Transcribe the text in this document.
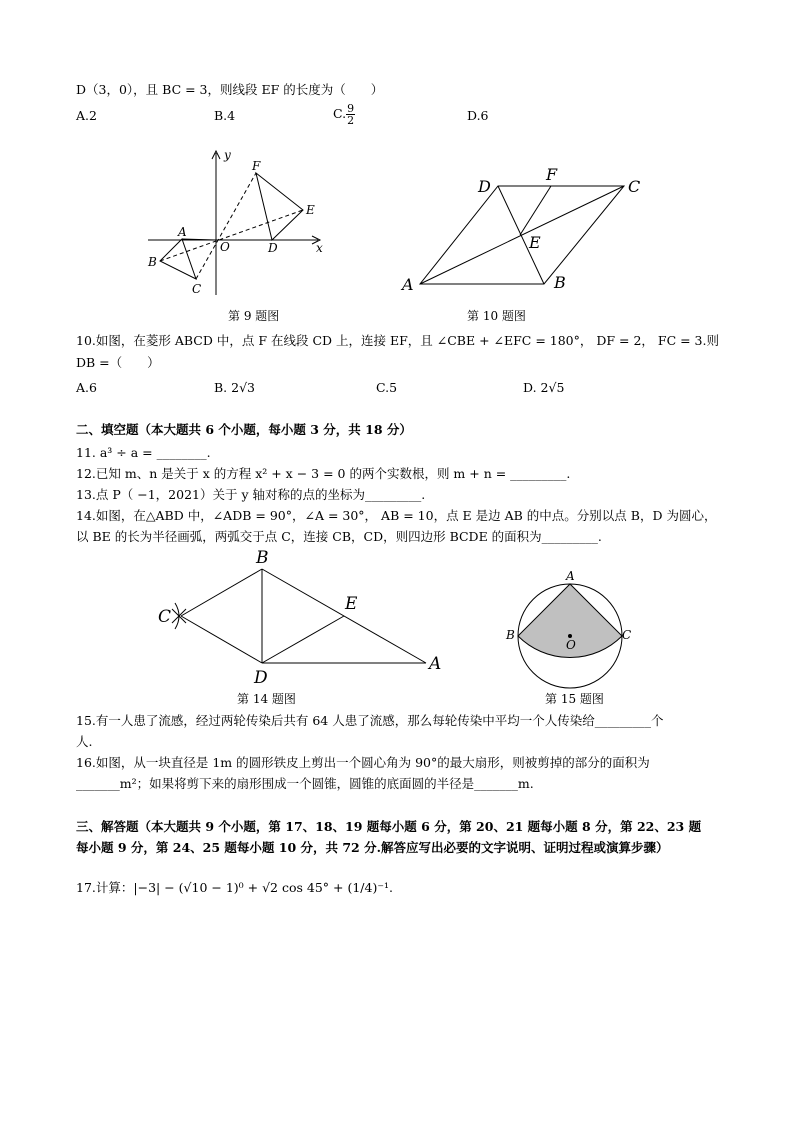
D（3，0），且 BC = 3，则线段 EF 的长度为（　　）
A.2	B.4	C. $\frac{9}{2}$	D.6
y
x
F
E
A
O	D
B
C
第 9 题图
D
F
C
E
A	B
第 10 题图
10.如图，在菱形 ABCD 中，点 F 在线段 CD 上，连接 EF，且 ∠CBE + ∠EFC = 180°， DF = 2， FC = 3.则
DB =（　　）
A.6	B. 2√3	C.5	D. 2√5
二、填空题（本大题共 6 个小题，每小题 3 分，共 18 分）
11. a³ ÷ a = ________.
12.已知 m、n 是关于 x 的方程 x² + x − 3 = 0 的两个实数根，则 m + n = _________.
13.点 P（ −1，2021）关于 y 轴对称的点的坐标为_________.
14.如图，在△ABD 中，∠ADB = 90°，∠A = 30°， AB = 10，点 E 是边 AB 的中点。分别以点 B，D 为圆心，
以 BE 的长为半径画弧，两弧交于点 C，连接 CB，CD，则四边形 BCDE 的面积为_________.
B
C
E
D
A
第 14 题图
A
B	C
O
第 15 题图
15.有一人患了流感，经过两轮传染后共有 64 人患了流感，那么每轮传染中平均一个人传染给_________个
人.
16.如图，从一块直径是 1m 的圆形铁皮上剪出一个圆心角为 90°的最大扇形，则被剪掉的部分的面积为
_______m²；如果将剪下来的扇形围成一个圆锥，圆锥的底面圆的半径是_______m.
三、解答题（本大题共 9 个小题，第 17、18、19 题每小题 6 分，第 20、21 题每小题 8 分，第 22、23 题
每小题 9 分，第 24、25 题每小题 10 分，共 72 分.解答应写出必要的文字说明、证明过程或演算步骤）
17.计算：|−3| − (√10 − 1)⁰ + √2 cos 45° + (1/4)⁻¹.
